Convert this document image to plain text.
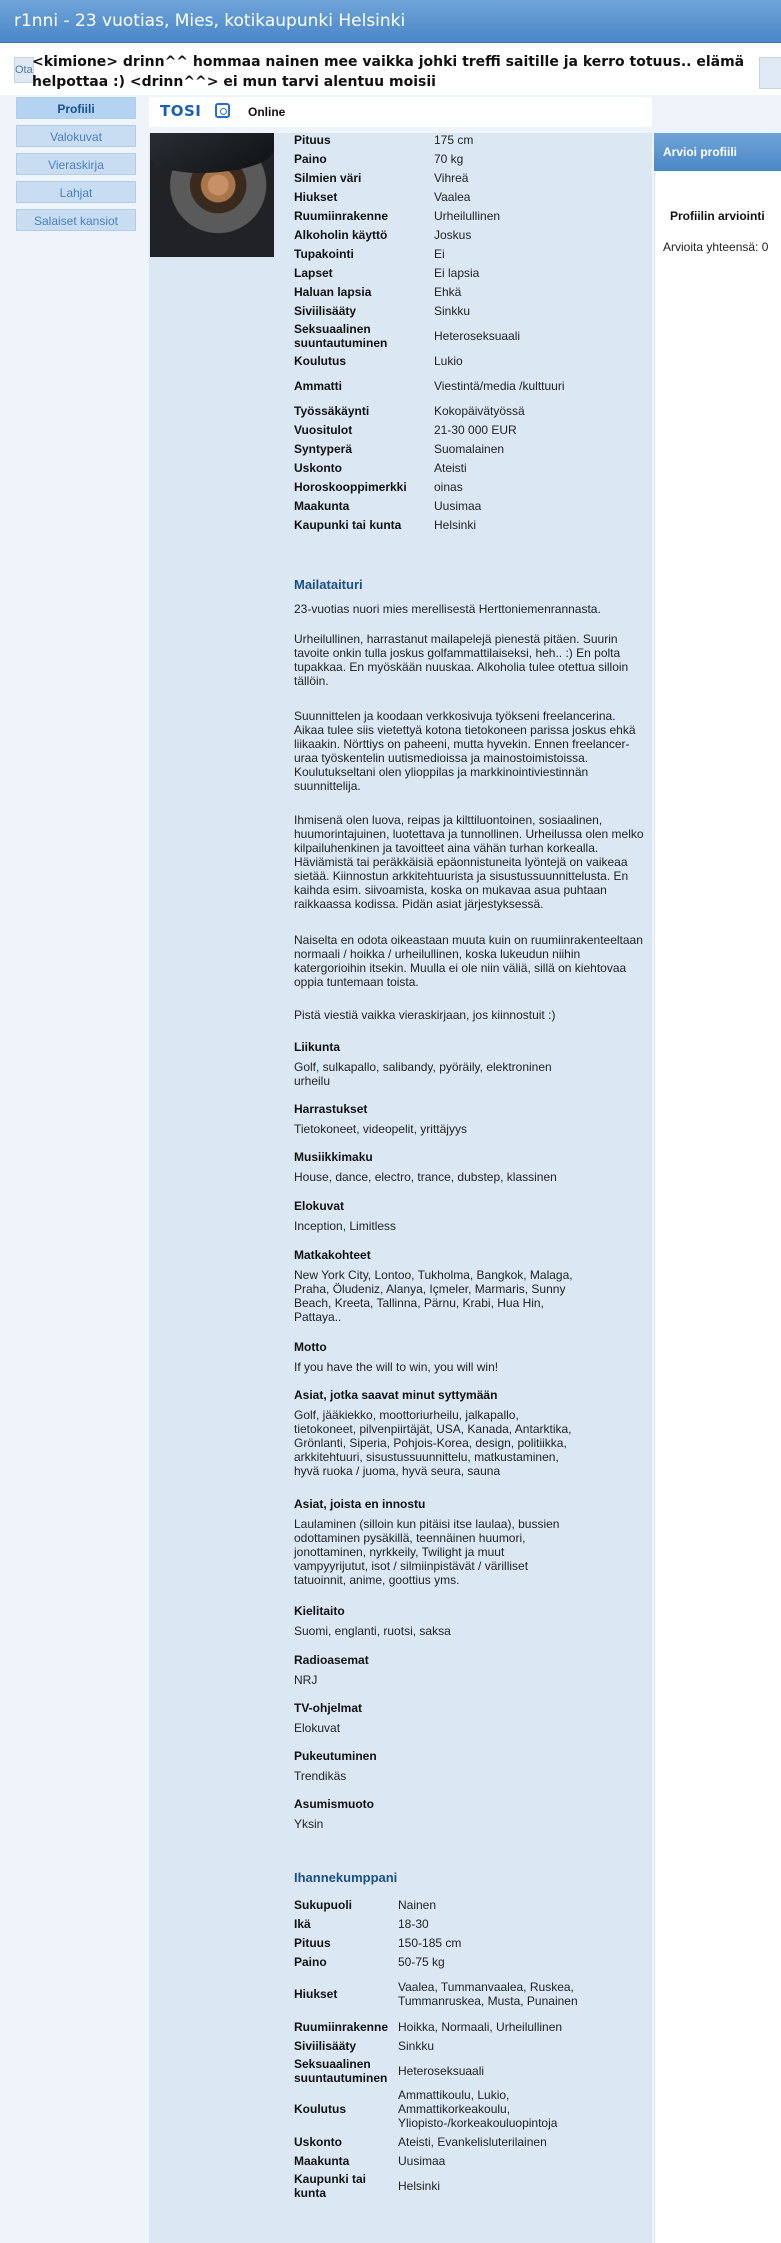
r1nni - 23 vuotias, Mies, kotikaupunki Helsinki
Ota <kimione> drinn^^ hommaa nainen mee vaikka johki treffi saitille ja kerro totuus.. elämä helpottaa :) <drinn^^> ei mun tarvi alentuu moisii
Profiili
Valokuvat
Vieraskirja
Lahjat
Salaiset kansiot
TOSI	Online
Pituus	175 cm
Paino	70 kg
Silmien väri	Vihreä
Hiukset	Vaalea
Ruumiinrakenne	Urheilullinen
Alkoholin käyttö	Joskus
Tupakointi	Ei
Lapset	Ei lapsia
Haluan lapsia	Ehkä
Siviilisääty	Sinkku
Seksuaalinen suuntautuminen	Heteroseksuaali
Koulutus	Lukio
Ammatti	Viestintä/media /kulttuuri
Työssäkäynti	Kokopäivätyössä
Vuositulot	21-30 000 EUR
Syntyperä	Suomalainen
Uskonto	Ateisti
Horoskooppimerkki	oinas
Maakunta	Uusimaa
Kaupunki tai kunta	Helsinki
Mailataituri
23-vuotias nuori mies merellisestä Herttoniemenrannasta.
Urheilullinen, harrastanut mailapelejä pienestä pitäen. Suurin tavoite onkin tulla joskus golfammattilaiseksi, heh.. :) En polta tupakkaa. En myöskään nuuskaa. Alkoholia tulee otettua silloin tällöin.
Suunnittelen ja koodaan verkkosivuja työkseni freelancerina. Aikaa tulee siis vietettyä kotona tietokoneen parissa joskus ehkä liikaakin. Nörttiys on paheeni, mutta hyvekin. Ennen freelancer-uraa työskentelin uutismedioissa ja mainostoimistoissa. Koulutukseltani olen ylioppilas ja markkinointiviestinnän suunnittelija.
Ihmisenä olen luova, reipas ja kilttiluontoinen, sosiaalinen, huumorintajuinen, luotettava ja tunnollinen. Urheilussa olen melko kilpailuhenkinen ja tavoitteet aina vähän turhan korkealla. Häviämistä tai peräkkäisiä epäonnistuneita lyöntejä on vaikeaa sietää. Kiinnostun arkkitehtuurista ja sisustussuunnittelusta. En kaihda esim. siivoamista, koska on mukavaa asua puhtaan raikkaassa kodissa. Pidän asiat järjestyksessä.
Naiselta en odota oikeastaan muuta kuin on ruumiinrakenteeltaan normaali / hoikka / urheilullinen, koska lukeudun niihin katergorioihin itsekin. Muulla ei ole niin väliä, sillä on kiehtovaa oppia tuntemaan toista.
Pistä viestiä vaikka vieraskirjaan, jos kiinnostuit :)
Liikunta
Golf, sulkapallo, salibandy, pyöräily, elektroninen urheilu
Harrastukset
Tietokoneet, videopelit, yrittäjyys
Musiikkimaku
House, dance, electro, trance, dubstep, klassinen
Elokuvat
Inception, Limitless
Matkakohteet
New York City, Lontoo, Tukholma, Bangkok, Malaga, Praha, Öludeniz, Alanya, Içmeler, Marmaris, Sunny Beach, Kreeta, Tallinna, Pärnu, Krabi, Hua Hin, Pattaya..
Motto
If you have the will to win, you will win!
Asiat, jotka saavat minut syttymään
Golf, jääkiekko, moottoriurheilu, jalkapallo, tietokoneet, pilvenpiirtäjät, USA, Kanada, Antarktika, Grönlanti, Siperia, Pohjois-Korea, design, politiikka, arkkitehtuuri, sisustussuunnittelu, matkustaminen, hyvä ruoka / juoma, hyvä seura, sauna
Asiat, joista en innostu
Laulaminen (silloin kun pitäisi itse laulaa), bussien odottaminen pysäkillä, teennäinen huumori, jonottaminen, nyrkkeily, Twilight ja muut vampyyrijutut, isot / silmiinpistävät / värilliset tatuoinnit, anime, goottius yms.
Kielitaito
Suomi, englanti, ruotsi, saksa
Radioasemat
NRJ
TV-ohjelmat
Elokuvat
Pukeutuminen
Trendikäs
Asumismuoto
Yksin
Ihannekumppani
Sukupuoli	Nainen
Ikä	18-30
Pituus	150-185 cm
Paino	50-75 kg
Hiukset	Vaalea, Tummanvaalea, Ruskea, Tummanruskea, Musta, Punainen
Ruumiinrakenne	Hoikka, Normaali, Urheilullinen
Siviilisääty	Sinkku
Seksuaalinen suuntautuminen	Heteroseksuaali
Koulutus	Ammattikoulu, Lukio, Ammattikorkeakoulu, Yliopisto-/korkeakouluopintoja
Uskonto	Ateisti, Evankelisluterilainen
Maakunta	Uusimaa
Kaupunki tai kunta	Helsinki
Arvioi profiili
Profiilin arviointi
Arvioita yhteensä: 0
